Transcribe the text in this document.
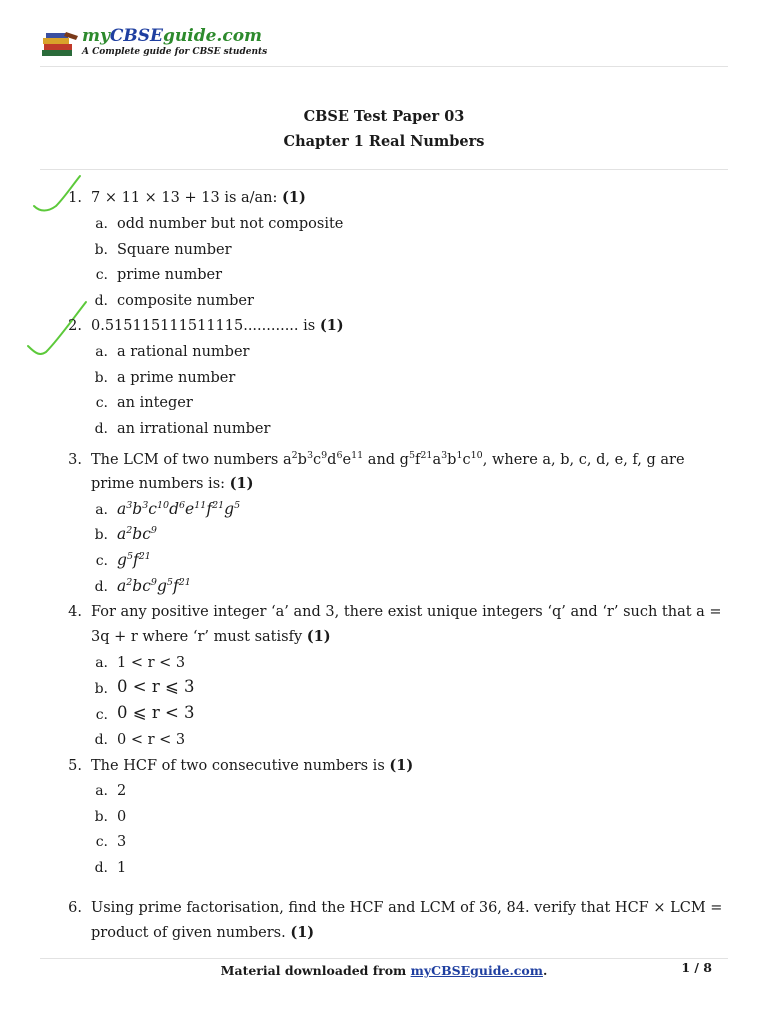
myCBSEguide.com
A Complete guide for CBSE students
CBSE Test Paper 03
Chapter 1 Real Numbers
1. 7 × 11 × 13 + 13 is a/an: (1)
a. odd number but not composite
b. Square number
c. prime number
d. composite number
2. 0.515115111511115............ is (1)
a. a rational number
b. a prime number
c. an integer
d. an irrational number
3. The LCM of two numbers $a^2b^3c^9d^6e^{11}$ and $g^5f^{21}a^3b^1c^{10}$, where a, b, c, d, e, f, g are
prime numbers is: (1)
a. $a^3b^3c^{10}d^6e^{11}f^{21}g^5$
b. $a^2bc^9$
c. $g^5f^{21}$
d. $a^2bc^9g^5f^{21}$
4. For any positive integer ‘a’ and 3, there exist unique integers ‘q’ and ‘r’ such that a =
3q + r where ‘r’ must satisfy (1)
a. 1 < r < 3
b. 0 < r ⩽ 3
c. 0 ⩽ r < 3
d. 0 < r < 3
5. The HCF of two consecutive numbers is (1)
a. 2
b. 0
c. 3
d. 1
6. Using prime factorisation, find the HCF and LCM of 36, 84. verify that HCF × LCM =
product of given numbers. (1)
Material downloaded from myCBSEguide.com.	1 / 8
